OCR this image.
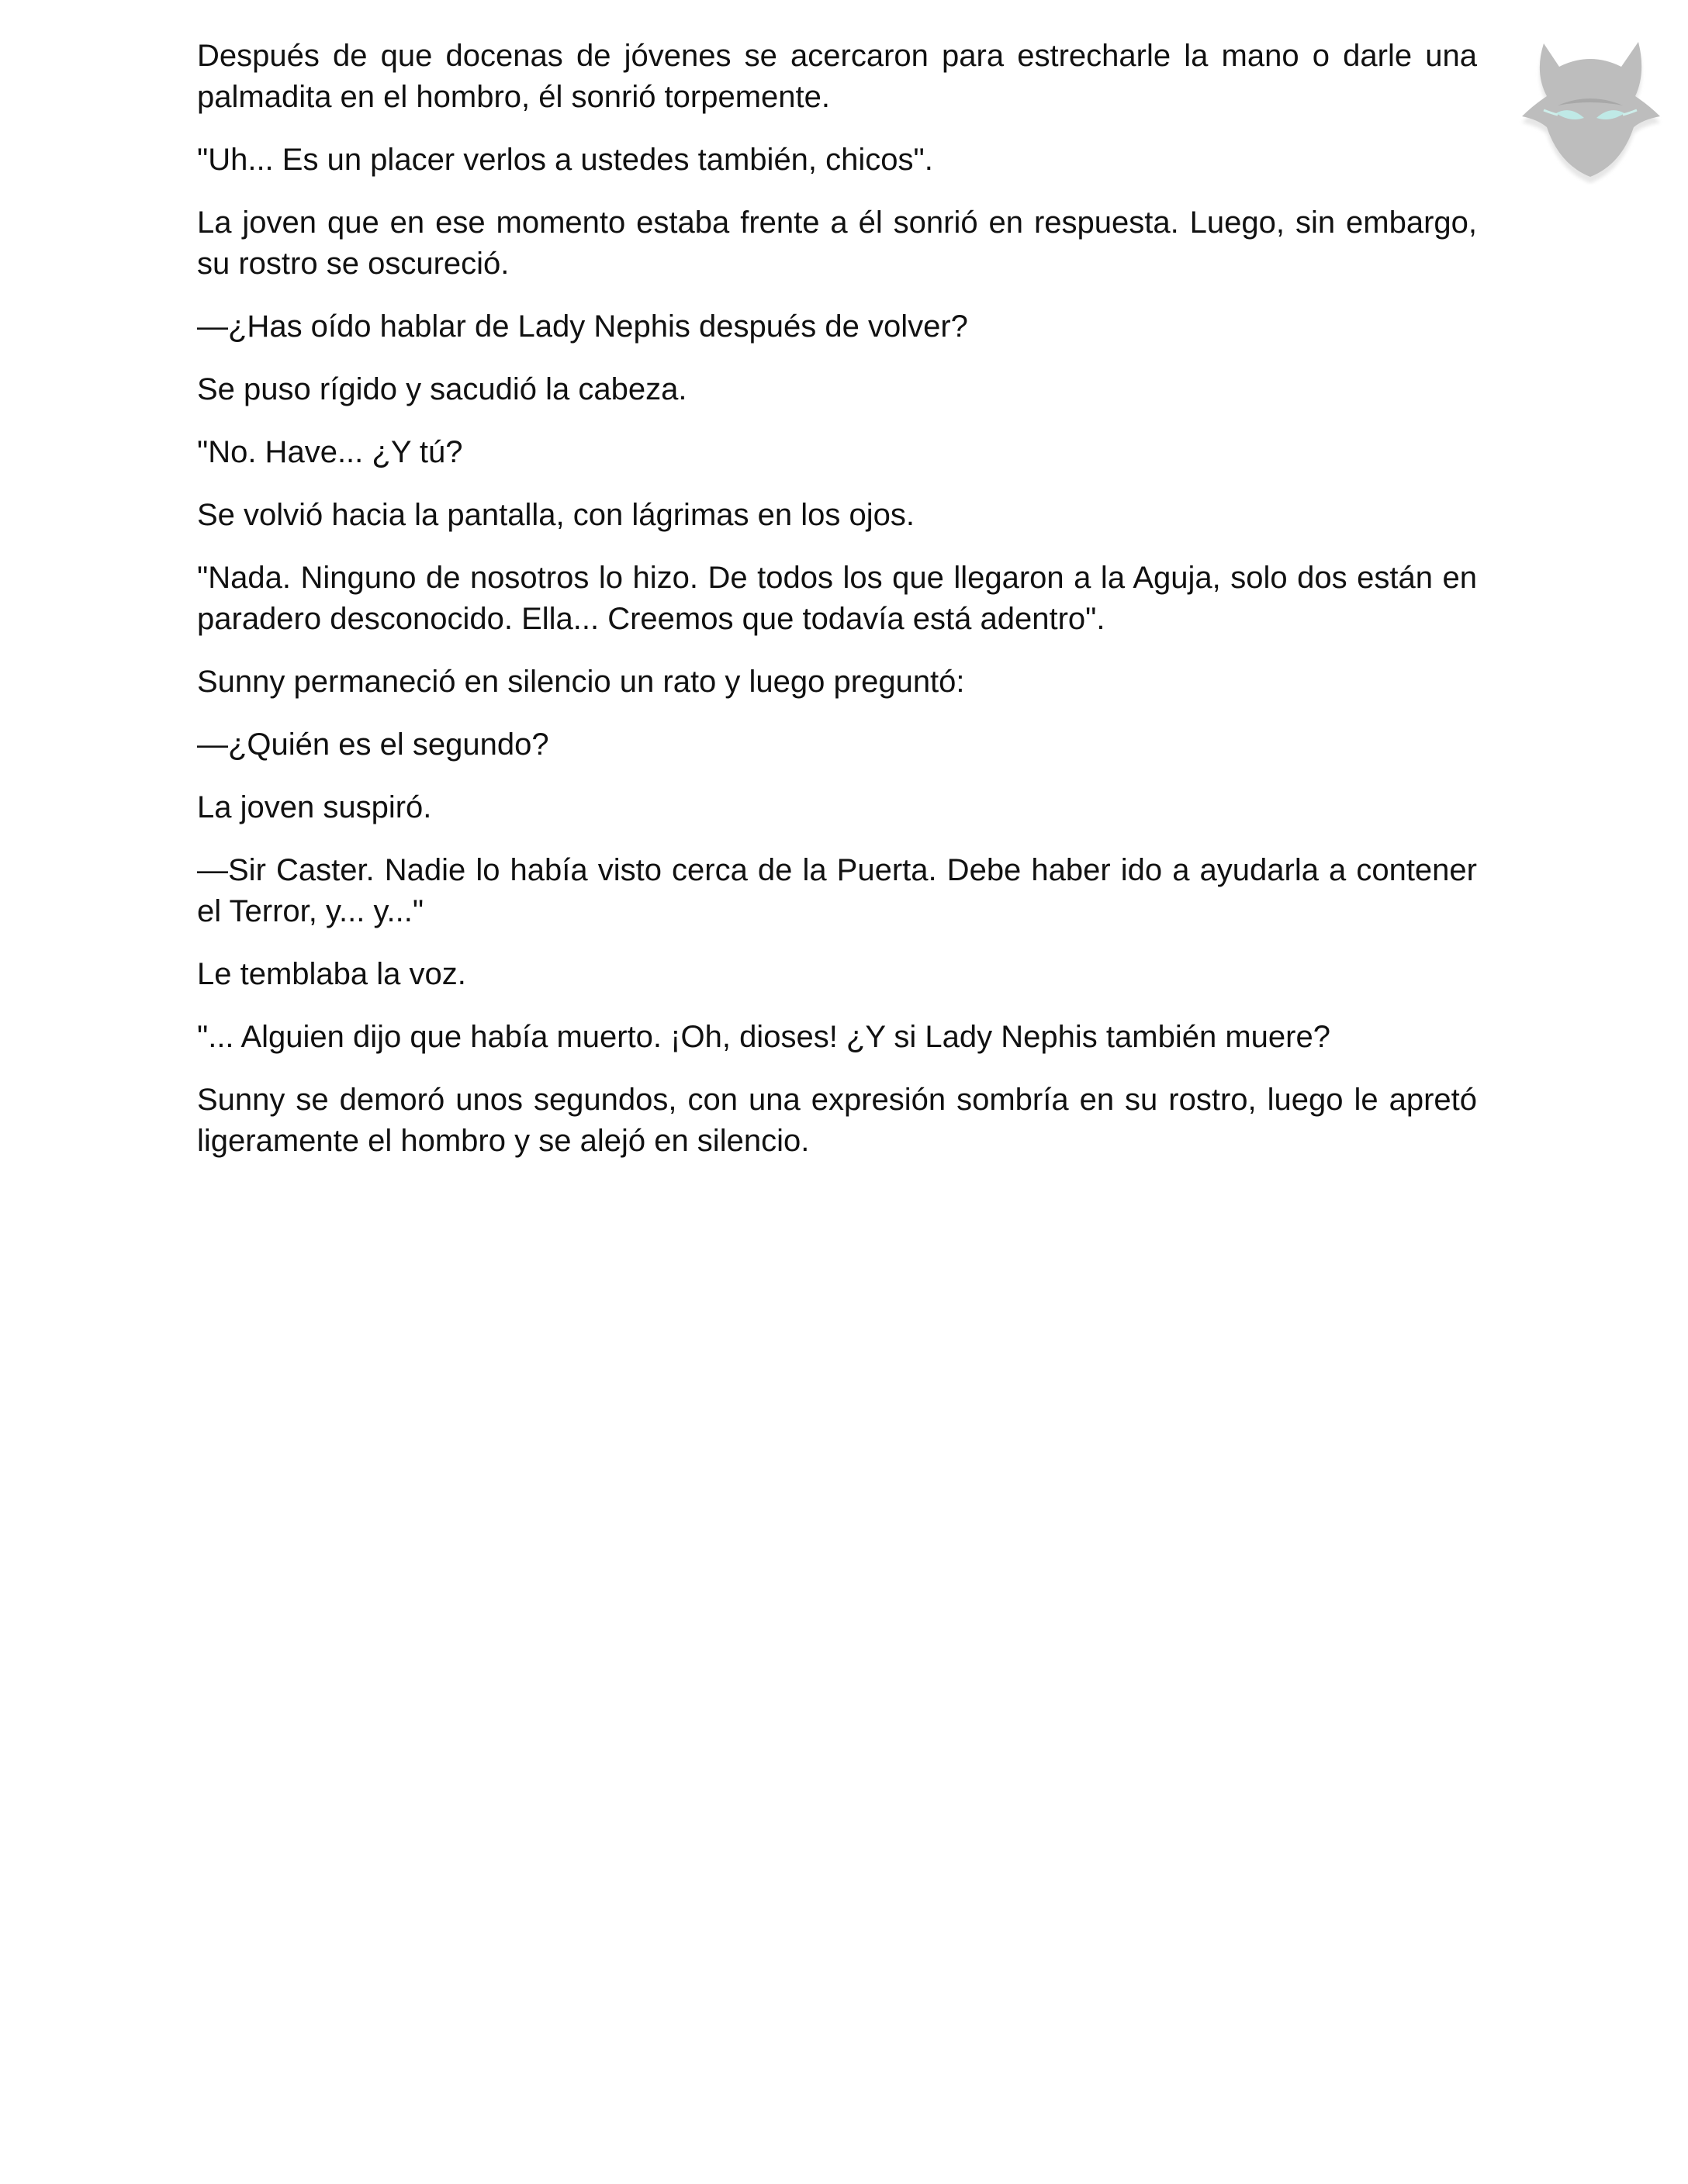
Después de que docenas de jóvenes se acercaron para estrecharle la mano o darle una palmadita en el hombro, él sonrió torpemente.

"Uh... Es un placer verlos a ustedes también, chicos".

La joven que en ese momento estaba frente a él sonrió en respuesta. Luego, sin embargo, su rostro se oscureció.

—¿Has oído hablar de Lady Nephis después de volver?

Se puso rígido y sacudió la cabeza.

"No. Have... ¿Y tú?

Se volvió hacia la pantalla, con lágrimas en los ojos.

"Nada. Ninguno de nosotros lo hizo. De todos los que llegaron a la Aguja, solo dos están en paradero desconocido. Ella... Creemos que todavía está adentro".

Sunny permaneció en silencio un rato y luego preguntó:

—¿Quién es el segundo?

La joven suspiró.

—Sir Caster. Nadie lo había visto cerca de la Puerta. Debe haber ido a ayudarla a contener el Terror, y... y..."

Le temblaba la voz.

"... Alguien dijo que había muerto. ¡Oh, dioses! ¿Y si Lady Nephis también muere?

Sunny se demoró unos segundos, con una expresión sombría en su rostro, luego le apretó ligeramente el hombro y se alejó en silencio.
